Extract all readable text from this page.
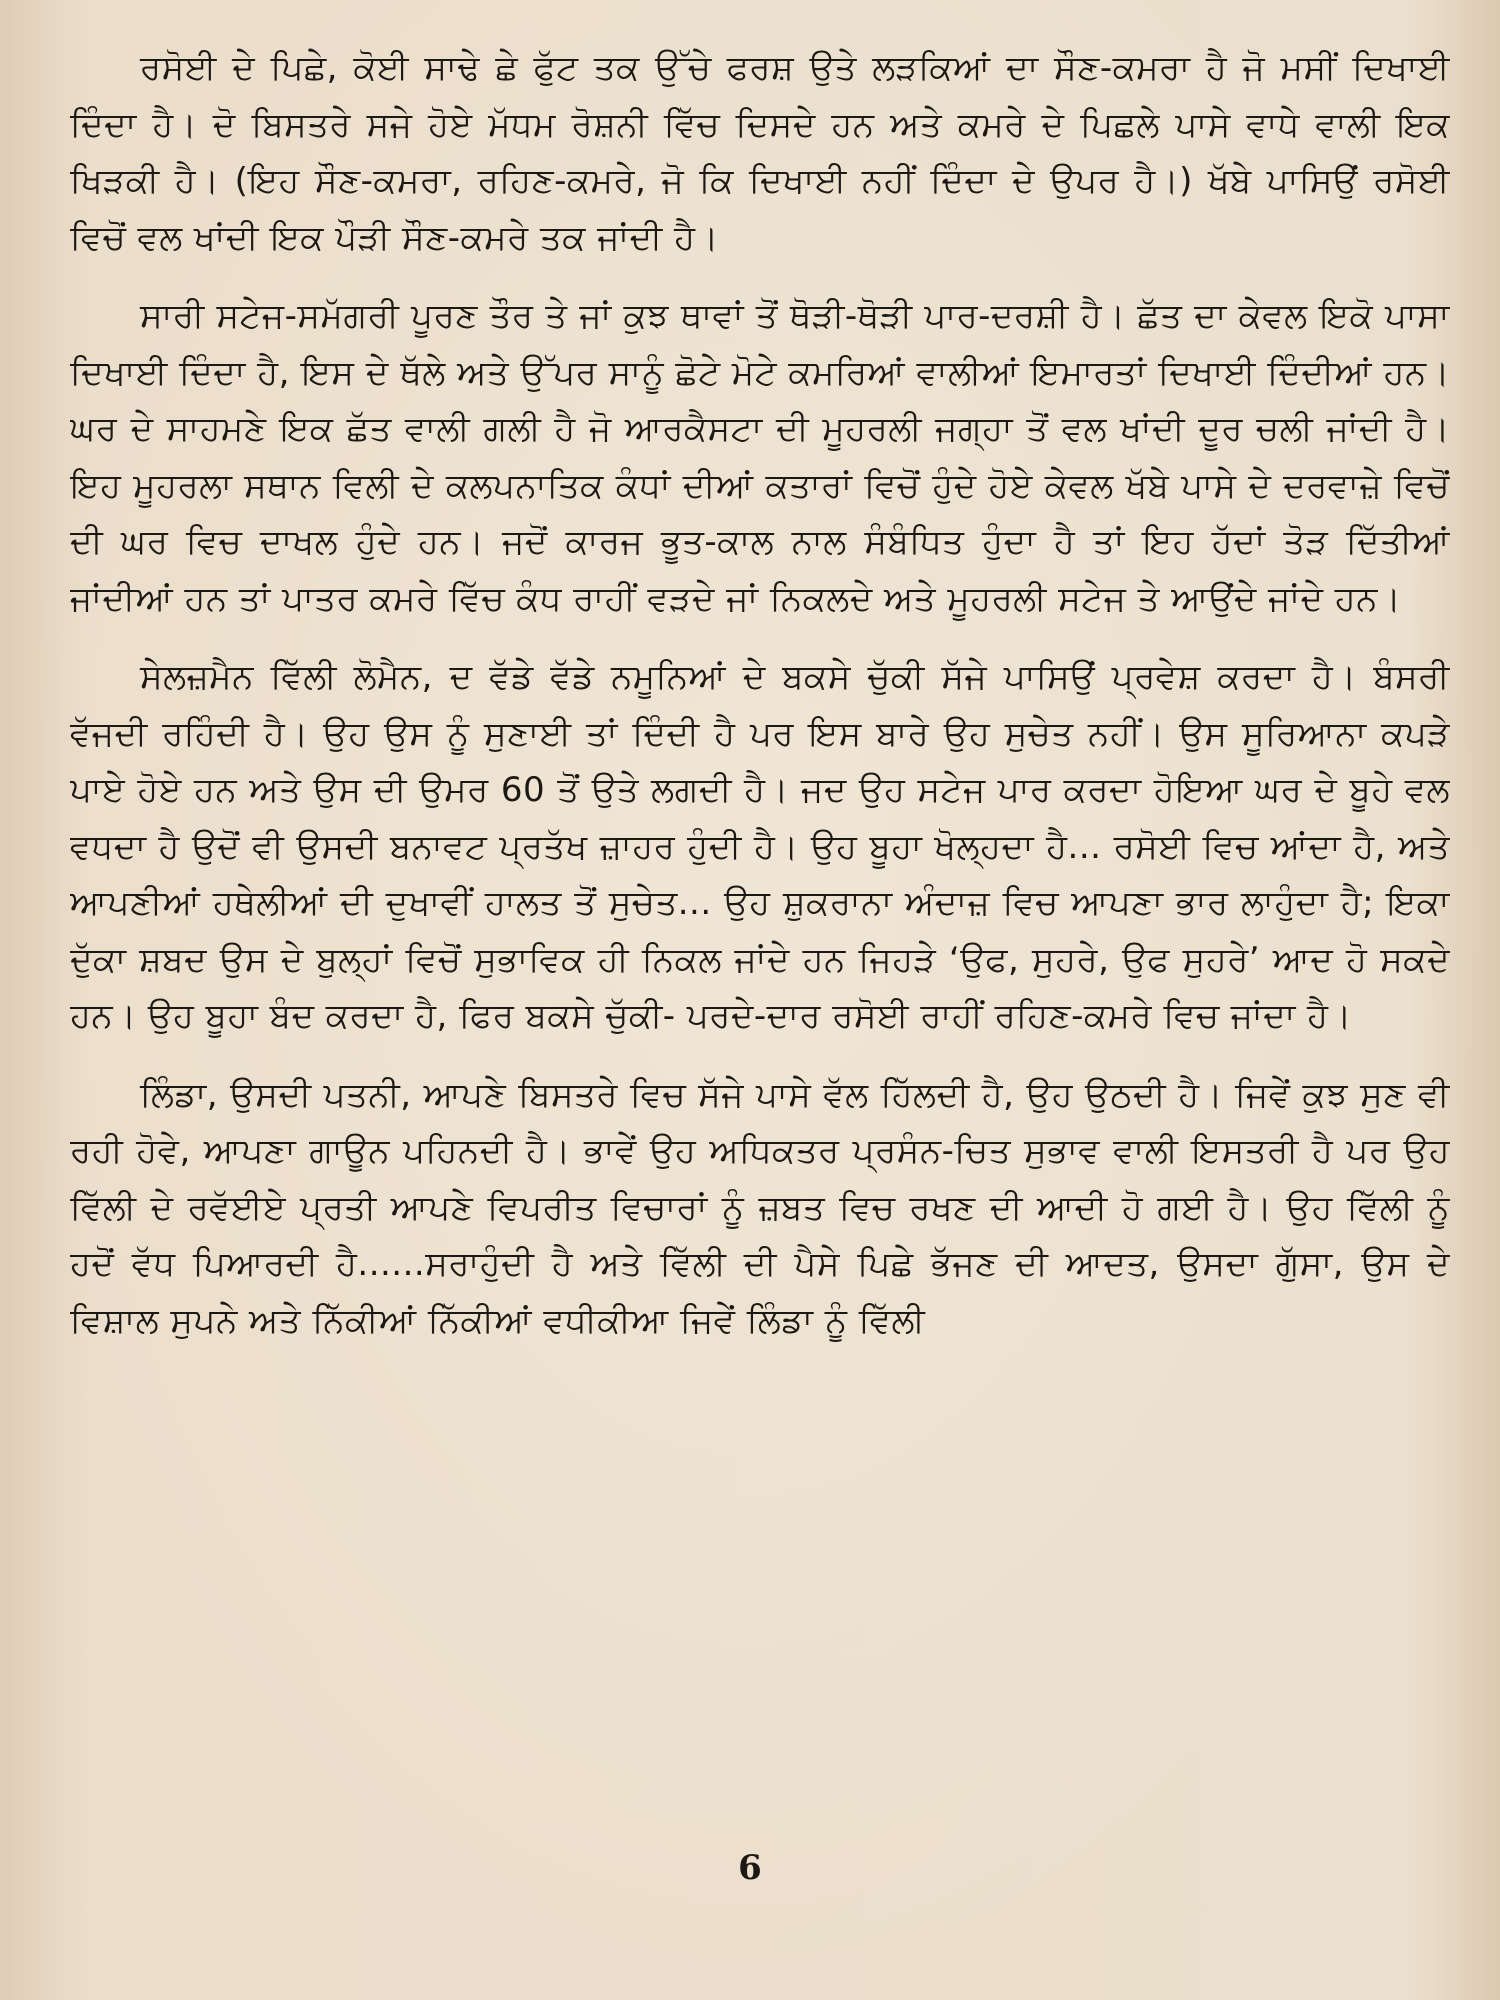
ਰਸੋਈ ਦੇ ਪਿਛੇ, ਕੋਈ ਸਾਢੇ ਛੇ ਫੁੱਟ ਤਕ ਉੱਚੇ ਫਰਸ਼ ਉਤੇ ਲੜਕਿਆਂ ਦਾ ਸੌਣ-ਕਮਰਾ ਹੈ ਜੋ ਮਸੀਂ ਦਿਖਾਈ ਦਿੰਦਾ ਹੈ। ਦੋ ਬਿਸਤਰੇ ਸਜੇ ਹੋਏ ਮੱਧਮ ਰੋਸ਼ਨੀ ਵਿੱਚ ਦਿਸਦੇ ਹਨ ਅਤੇ ਕਮਰੇ ਦੇ ਪਿਛਲੇ ਪਾਸੇ ਵਾਧੇ ਵਾਲੀ ਇਕ ਖਿੜਕੀ ਹੈ। (ਇਹ ਸੌਣ-ਕਮਰਾ, ਰਹਿਣ-ਕਮਰੇ, ਜੋ ਕਿ ਦਿਖਾਈ ਨਹੀਂ ਦਿੰਦਾ ਦੇ ਉਪਰ ਹੈ।) ਖੱਬੇ ਪਾਸਿਉਂ ਰਸੋਈ ਵਿਚੋਂ ਵਲ ਖਾਂਦੀ ਇਕ ਪੌੜੀ ਸੌਣ-ਕਮਰੇ ਤਕ ਜਾਂਦੀ ਹੈ।

ਸਾਰੀ ਸਟੇਜ-ਸਮੱਗਰੀ ਪੂਰਣ ਤੌਰ ਤੇ ਜਾਂ ਕੁਝ ਥਾਵਾਂ ਤੋਂ ਥੋੜੀ-ਥੋੜੀ ਪਾਰ-ਦਰਸ਼ੀ ਹੈ। ਛੱਤ ਦਾ ਕੇਵਲ ਇਕੋ ਪਾਸਾ ਦਿਖਾਈ ਦਿੰਦਾ ਹੈ, ਇਸ ਦੇ ਥੱਲੇ ਅਤੇ ਉੱਪਰ ਸਾਨੂੰ ਛੋਟੇ ਮੋਟੇ ਕਮਰਿਆਂ ਵਾਲੀਆਂ ਇਮਾਰਤਾਂ ਦਿਖਾਈ ਦਿੰਦੀਆਂ ਹਨ। ਘਰ ਦੇ ਸਾਹਮਣੇ ਇਕ ਛੱਤ ਵਾਲੀ ਗਲੀ ਹੈ ਜੋ ਆਰਕੈਸਟਾ ਦੀ ਮੂਹਰਲੀ ਜਗ੍ਹਾ ਤੋਂ ਵਲ ਖਾਂਦੀ ਦੂਰ ਚਲੀ ਜਾਂਦੀ ਹੈ। ਇਹ ਮੂਹਰਲਾ ਸਥਾਨ ਵਿਲੀ ਦੇ ਕਲਪਨਾਤਿਕ ਕੰਧਾਂ ਦੀਆਂ ਕਤਾਰਾਂ ਵਿਚੋਂ ਹੁੰਦੇ ਹੋਏ ਕੇਵਲ ਖੱਬੇ ਪਾਸੇ ਦੇ ਦਰਵਾਜ਼ੇ ਵਿਚੋਂ ਦੀ ਘਰ ਵਿਚ ਦਾਖਲ ਹੁੰਦੇ ਹਨ। ਜਦੋਂ ਕਾਰਜ ਭੂਤ-ਕਾਲ ਨਾਲ ਸੰਬੰਧਿਤ ਹੁੰਦਾ ਹੈ ਤਾਂ ਇਹ ਹੱਦਾਂ ਤੋੜ ਦਿੱਤੀਆਂ ਜਾਂਦੀਆਂ ਹਨ ਤਾਂ ਪਾਤਰ ਕਮਰੇ ਵਿੱਚ ਕੰਧ ਰਾਹੀਂ ਵੜਦੇ ਜਾਂ ਨਿਕਲਦੇ ਅਤੇ ਮੂਹਰਲੀ ਸਟੇਜ ਤੇ ਆਉਂਦੇ ਜਾਂਦੇ ਹਨ।

ਸੇਲਜ਼ਮੈਨ ਵਿੱਲੀ ਲੋਮੈਨ, ਦ ਵੱਡੇ ਵੱਡੇ ਨਮੂਨਿਆਂ ਦੇ ਬਕਸੇ ਚੁੱਕੀ ਸੱਜੇ ਪਾਸਿਉਂ ਪ੍ਰਵੇਸ਼ ਕਰਦਾ ਹੈ। ਬੰਸਰੀ ਵੱਜਦੀ ਰਹਿੰਦੀ ਹੈ। ਉਹ ਉਸ ਨੂੰ ਸੁਣਾਈ ਤਾਂ ਦਿੰਦੀ ਹੈ ਪਰ ਇਸ ਬਾਰੇ ਉਹ ਸੁਚੇਤ ਨਹੀਂ। ਉਸ ਸੂਰਿਆਨਾ ਕਪੜੇ ਪਾਏ ਹੋਏ ਹਨ ਅਤੇ ਉਸ ਦੀ ਉਮਰ 60 ਤੋਂ ਉਤੇ ਲਗਦੀ ਹੈ। ਜਦ ਉਹ ਸਟੇਜ ਪਾਰ ਕਰਦਾ ਹੋਇਆ ਘਰ ਦੇ ਬੂਹੇ ਵਲ ਵਧਦਾ ਹੈ ਉਦੋਂ ਵੀ ਉਸਦੀ ਬਨਾਵਟ ਪ੍ਰਤੱਖ ਜ਼ਾਹਰ ਹੁੰਦੀ ਹੈ। ਉਹ ਬੂਹਾ ਖੋਲ੍ਹਦਾ ਹੈ... ਰਸੋਈ ਵਿਚ ਆਂਦਾ ਹੈ, ਅਤੇ ਆਪਣੀਆਂ ਹਥੇਲੀਆਂ ਦੀ ਦੁਖਾਵੀਂ ਹਾਲਤ ਤੋਂ ਸੁਚੇਤ... ਉਹ ਸ਼ੁਕਰਾਨਾ ਅੰਦਾਜ਼ ਵਿਚ ਆਪਣਾ ਭਾਰ ਲਾਹੁੰਦਾ ਹੈ; ਇਕਾ ਦੁੱਕਾ ਸ਼ਬਦ ਉਸ ਦੇ ਬੁਲ੍ਹਾਂ ਵਿਚੋਂ ਸੁਭਾਵਿਕ ਹੀ ਨਿਕਲ ਜਾਂਦੇ ਹਨ ਜਿਹੜੇ ‘ਉਫ, ਸੁਹਰੇ, ਉਫ ਸੁਹਰੇ’ ਆਦ ਹੋ ਸਕਦੇ ਹਨ। ਉਹ ਬੂਹਾ ਬੰਦ ਕਰਦਾ ਹੈ, ਫਿਰ ਬਕਸੇ ਚੁੱਕੀ- ਪਰਦੇ-ਦਾਰ ਰਸੋਈ ਰਾਹੀਂ ਰਹਿਣ-ਕਮਰੇ ਵਿਚ ਜਾਂਦਾ ਹੈ।

ਲਿੰਡਾ, ਉਸਦੀ ਪਤਨੀ, ਆਪਣੇ ਬਿਸਤਰੇ ਵਿਚ ਸੱਜੇ ਪਾਸੇ ਵੱਲ ਹਿੱਲਦੀ ਹੈ, ਉਹ ਉਠਦੀ ਹੈ। ਜਿਵੇਂ ਕੁਝ ਸੁਣ ਵੀ ਰਹੀ ਹੋਵੇ, ਆਪਣਾ ਗਾਊਨ ਪਹਿਨਦੀ ਹੈ। ਭਾਵੇਂ ਉਹ ਅਧਿਕਤਰ ਪ੍ਰਸੰਨ-ਚਿਤ ਸੁਭਾਵ ਵਾਲੀ ਇਸਤਰੀ ਹੈ ਪਰ ਉਹ ਵਿੱਲੀ ਦੇ ਰਵੱਈਏ ਪ੍ਰਤੀ ਆਪਣੇ ਵਿਪਰੀਤ ਵਿਚਾਰਾਂ ਨੂੰ ਜ਼ਬਤ ਵਿਚ ਰਖਣ ਦੀ ਆਦੀ ਹੋ ਗਈ ਹੈ। ਉਹ ਵਿੱਲੀ ਨੂੰ ਹਦੋਂ ਵੱਧ ਪਿਆਰਦੀ ਹੈ......ਸਰਾਹੁੰਦੀ ਹੈ ਅਤੇ ਵਿੱਲੀ ਦੀ ਪੈਸੇ ਪਿਛੇ ਭੱਜਣ ਦੀ ਆਦਤ, ਉਸਦਾ ਗੁੱਸਾ, ਉਸ ਦੇ ਵਿਸ਼ਾਲ ਸੁਪਨੇ ਅਤੇ ਨਿੱਕੀਆਂ ਨਿੱਕੀਆਂ ਵਧੀਕੀਆ ਜਿਵੇਂ ਲਿੰਡਾ ਨੂੰ ਵਿੱਲੀ

6
